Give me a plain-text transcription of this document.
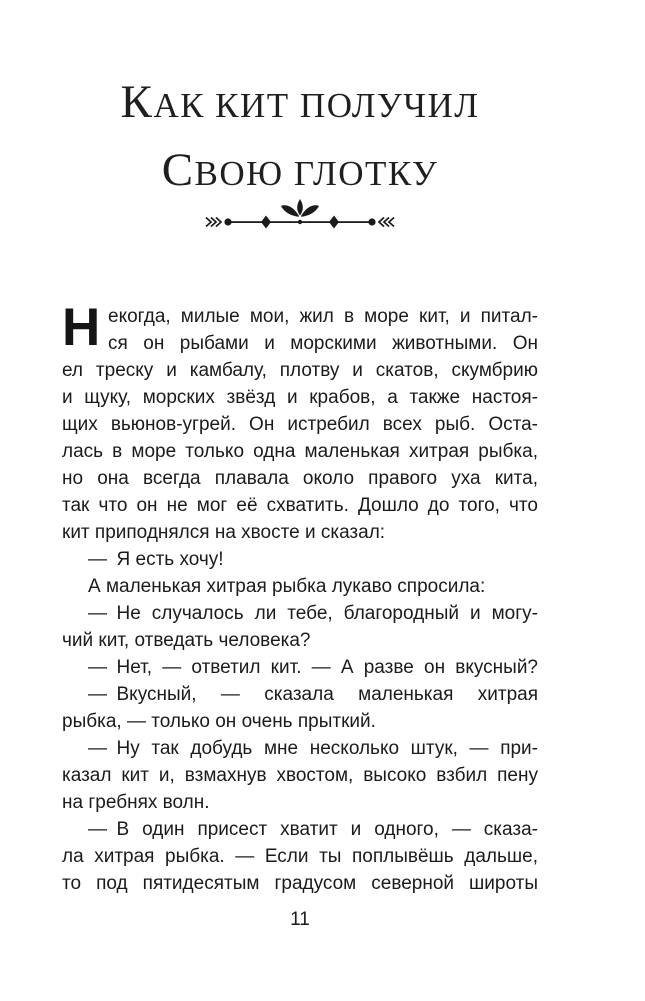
КАК КИТ ПОЛУЧИЛ
СВОЮ ГЛОТКУ
Н екогда, милые мои, жил в море кит, и питал-
ся он рыбами и морскими животными. Он
ел треску и камбалу, плотву и скатов, скумбрию
и щуку, морских звёзд и крабов, а также настоя-
щих вьюнов-угрей. Он истребил всех рыб. Оста-
лась в море только одна маленькая хитрая рыбка,
но она всегда плавала около правого уха кита,
так что он не мог её схватить. Дошло до того, что
кит приподнялся на хвосте и сказал:
— Я есть хочу!
А маленькая хитрая рыбка лукаво спросила:
— Не случалось ли тебе, благородный и могу-
чий кит, отведать человека?
— Нет, — ответил кит. — А разве он вкусный?
— Вкусный, — сказала маленькая хитрая
рыбка, — только он очень прыткий.
— Ну так добудь мне несколько штук, — при-
казал кит и, взмахнув хвостом, высоко взбил пену
на гребнях волн.
— В один присест хватит и одного, — сказа-
ла хитрая рыбка. — Если ты поплывёшь дальше,
то под пятидесятым градусом северной широты
11
